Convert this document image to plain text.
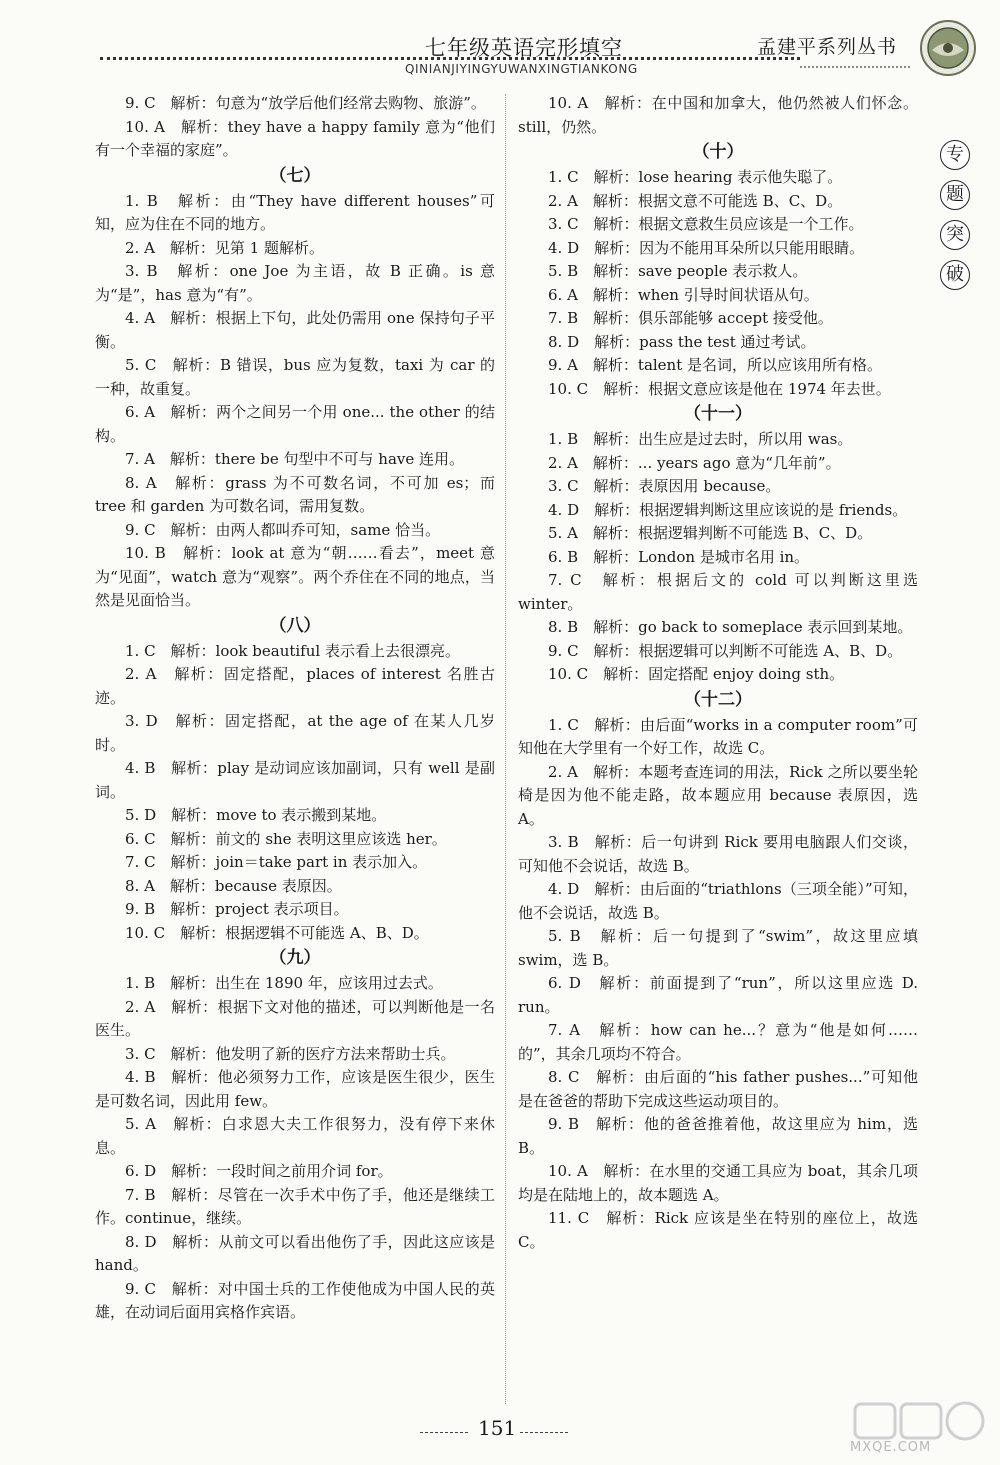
七年级英语完形填空	孟建平系列丛书
QINIANJIYINGYUWANXINGTIANKONG
专
题
突
破

9. C　解析：句意为“放学后他们经常去购物、旅游”。

10. A　解析：they have a happy family 意为“他们有一个幸福的家庭”。

（七）

1. B　解析：由“They have different houses”可知，应为住在不同的地方。

2. A　解析：见第 1 题解析。

3. B　解析：one Joe 为主语，故 B 正确。is 意为“是”，has 意为“有”。

4. A　解析：根据上下句，此处仍需用 one 保持句子平衡。

5. C　解析：B 错误，bus 应为复数，taxi 为 car 的一种，故重复。

6. A　解析：两个之间另一个用 one... the other 的结构。

7. A　解析：there be 句型中不可与 have 连用。

8. A　解析：grass 为不可数名词，不可加 es；而 tree 和 garden 为可数名词，需用复数。

9. C　解析：由两人都叫乔可知，same 恰当。

10. B　解析：look at 意为“朝……看去”，meet 意为“见面”，watch 意为“观察”。两个乔住在不同的地点，当然是见面恰当。

（八）

1. C　解析：look beautiful 表示看上去很漂亮。

2. A　解析：固定搭配，places of interest 名胜古迹。

3. D　解析：固定搭配，at the age of 在某人几岁时。

4. B　解析：play 是动词应该加副词，只有 well 是副词。

5. D　解析：move to 表示搬到某地。

6. C　解析：前文的 she 表明这里应该选 her。

7. C　解析：join＝take part in 表示加入。

8. A　解析：because 表原因。

9. B　解析：project 表示项目。

10. C　解析：根据逻辑不可能选 A、B、D。

（九）

1. B　解析：出生在 1890 年，应该用过去式。

2. A　解析：根据下文对他的描述，可以判断他是一名医生。

3. C　解析：他发明了新的医疗方法来帮助士兵。

4. B　解析：他必须努力工作，应该是医生很少，医生是可数名词，因此用 few。

5. A　解析：白求恩大夫工作很努力，没有停下来休息。

6. D　解析：一段时间之前用介词 for。

7. B　解析：尽管在一次手术中伤了手，他还是继续工作。continue，继续。

8. D　解析：从前文可以看出他伤了手，因此这应该是 hand。

9. C　解析：对中国士兵的工作使他成为中国人民的英雄，在动词后面用宾格作宾语。

10. A　解析：在中国和加拿大，他仍然被人们怀念。still，仍然。

（十）

1. C　解析：lose hearing 表示他失聪了。

2. A　解析：根据文意不可能选 B、C、D。

3. C　解析：根据文意救生员应该是一个工作。

4. D　解析：因为不能用耳朵所以只能用眼睛。

5. B　解析：save people 表示救人。

6. A　解析：when 引导时间状语从句。

7. B　解析：俱乐部能够 accept 接受他。

8. D　解析：pass the test 通过考试。

9. A　解析：talent 是名词，所以应该用所有格。

10. C　解析：根据文意应该是他在 1974 年去世。

（十一）

1. B　解析：出生应是过去时，所以用 was。

2. A　解析：... years ago 意为“几年前”。

3. C　解析：表原因用 because。

4. D　解析：根据逻辑判断这里应该说的是 friends。

5. A　解析：根据逻辑判断不可能选 B、C、D。

6. B　解析：London 是城市名用 in。

7. C　解析：根据后文的 cold 可以判断这里选 winter。

8. B　解析：go back to someplace 表示回到某地。

9. C　解析：根据逻辑可以判断不可能选 A、B、D。

10. C　解析：固定搭配 enjoy doing sth。

（十二）

1. C　解析：由后面“works in a computer room”可知他在大学里有一个好工作，故选 C。

2. A　解析：本题考查连词的用法，Rick 之所以要坐轮椅是因为他不能走路，故本题应用 because 表原因，选 A。

3. B　解析：后一句讲到 Rick 要用电脑跟人们交谈，可知他不会说话，故选 B。

4. D　解析：由后面的“triathlons（三项全能）”可知，他不会说话，故选 B。

5. B　解析：后一句提到了“swim”，故这里应填 swim，选 B。

6. D　解析：前面提到了“run”，所以这里应选 D. run。

7. A　解析：how can he...？意为“他是如何……的”，其余几项均不符合。

8. C　解析：由后面的“his father pushes...”可知他是在爸爸的帮助下完成这些运动项目的。

9. B　解析：他的爸爸推着他，故这里应为 him，选 B。

10. A　解析：在水里的交通工具应为 boat，其余几项均是在陆地上的，故本题选 A。

11. C　解析：Rick 应该是坐在特别的座位上，故选 C。

151
MXQE.COM
